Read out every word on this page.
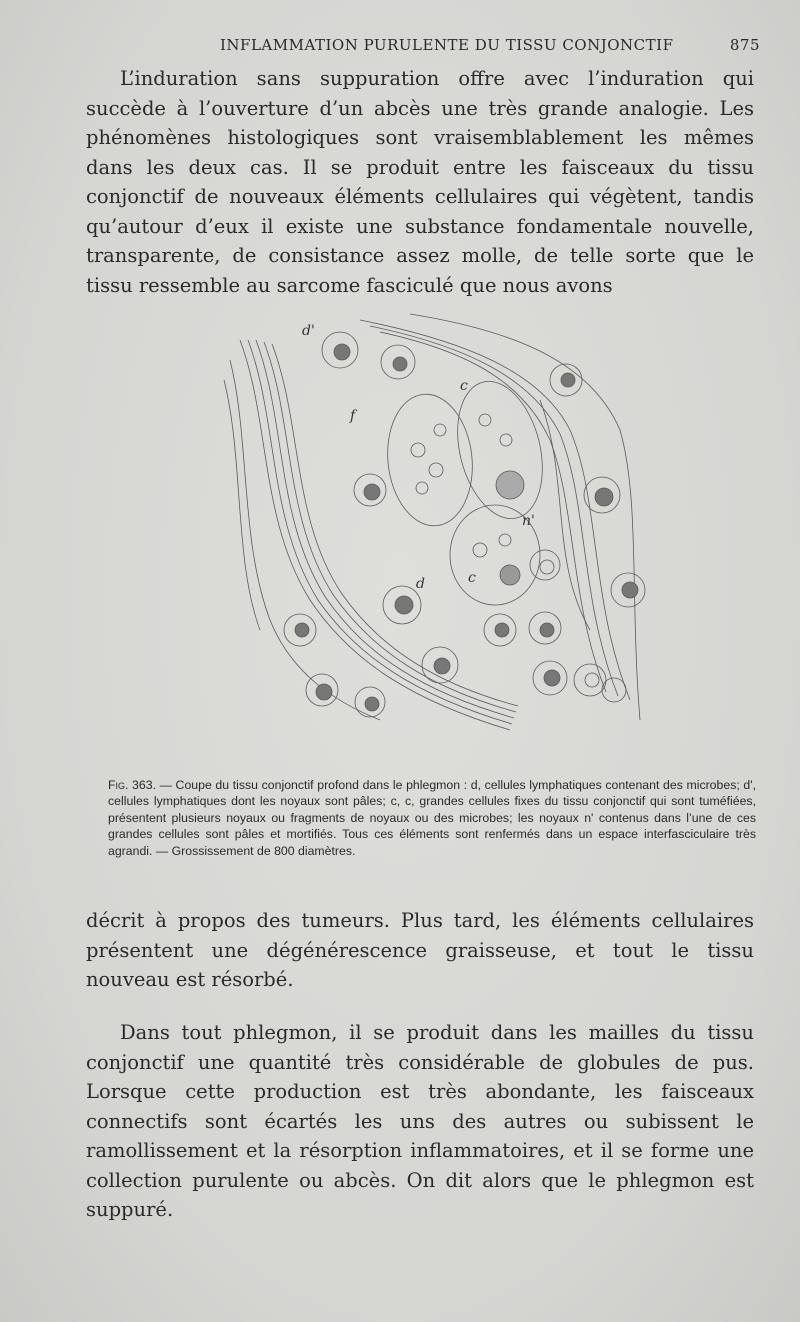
INFLAMMATION PURULENTE DU TISSU CONJONCTIF	875

L’induration sans suppuration offre avec l’induration qui succède à l’ouverture d’un abcès une très grande analogie. Les phénomènes histologiques sont vraisemblablement les mêmes dans les deux cas. Il se produit entre les faisceaux du tissu conjonctif de nouveaux éléments cellulaires qui végètent, tandis qu’autour d’eux il existe une substance fondamentale nouvelle, transparente, de consistance assez molle, de telle sorte que le tissu ressemble au sarcome fasciculé que nous avons

d'
f
c
n'
c
d

Fig. 363. — Coupe du tissu conjonctif profond dans le phlegmon : d, cellules lymphatiques contenant des microbes; d', cellules lymphatiques dont les noyaux sont pâles; c, c, grandes cellules fixes du tissu conjonctif qui sont tuméfiées, présentent plusieurs noyaux ou fragments de noyaux ou des microbes; les noyaux n' contenus dans l’une de ces grandes cellules sont pâles et mortifiés. Tous ces éléments sont renfermés dans un espace interfasciculaire très agrandi. — Grossissement de 800 diamètres.

décrit à propos des tumeurs. Plus tard, les éléments cellulaires présentent une dégénérescence graisseuse, et tout le tissu nouveau est résorbé.

Dans tout phlegmon, il se produit dans les mailles du tissu conjonctif une quantité très considérable de globules de pus. Lorsque cette production est très abondante, les faisceaux connectifs sont écartés les uns des autres ou subissent le ramollissement et la résorption inflammatoires, et il se forme une collection purulente ou abcès. On dit alors que le phlegmon est suppuré.
